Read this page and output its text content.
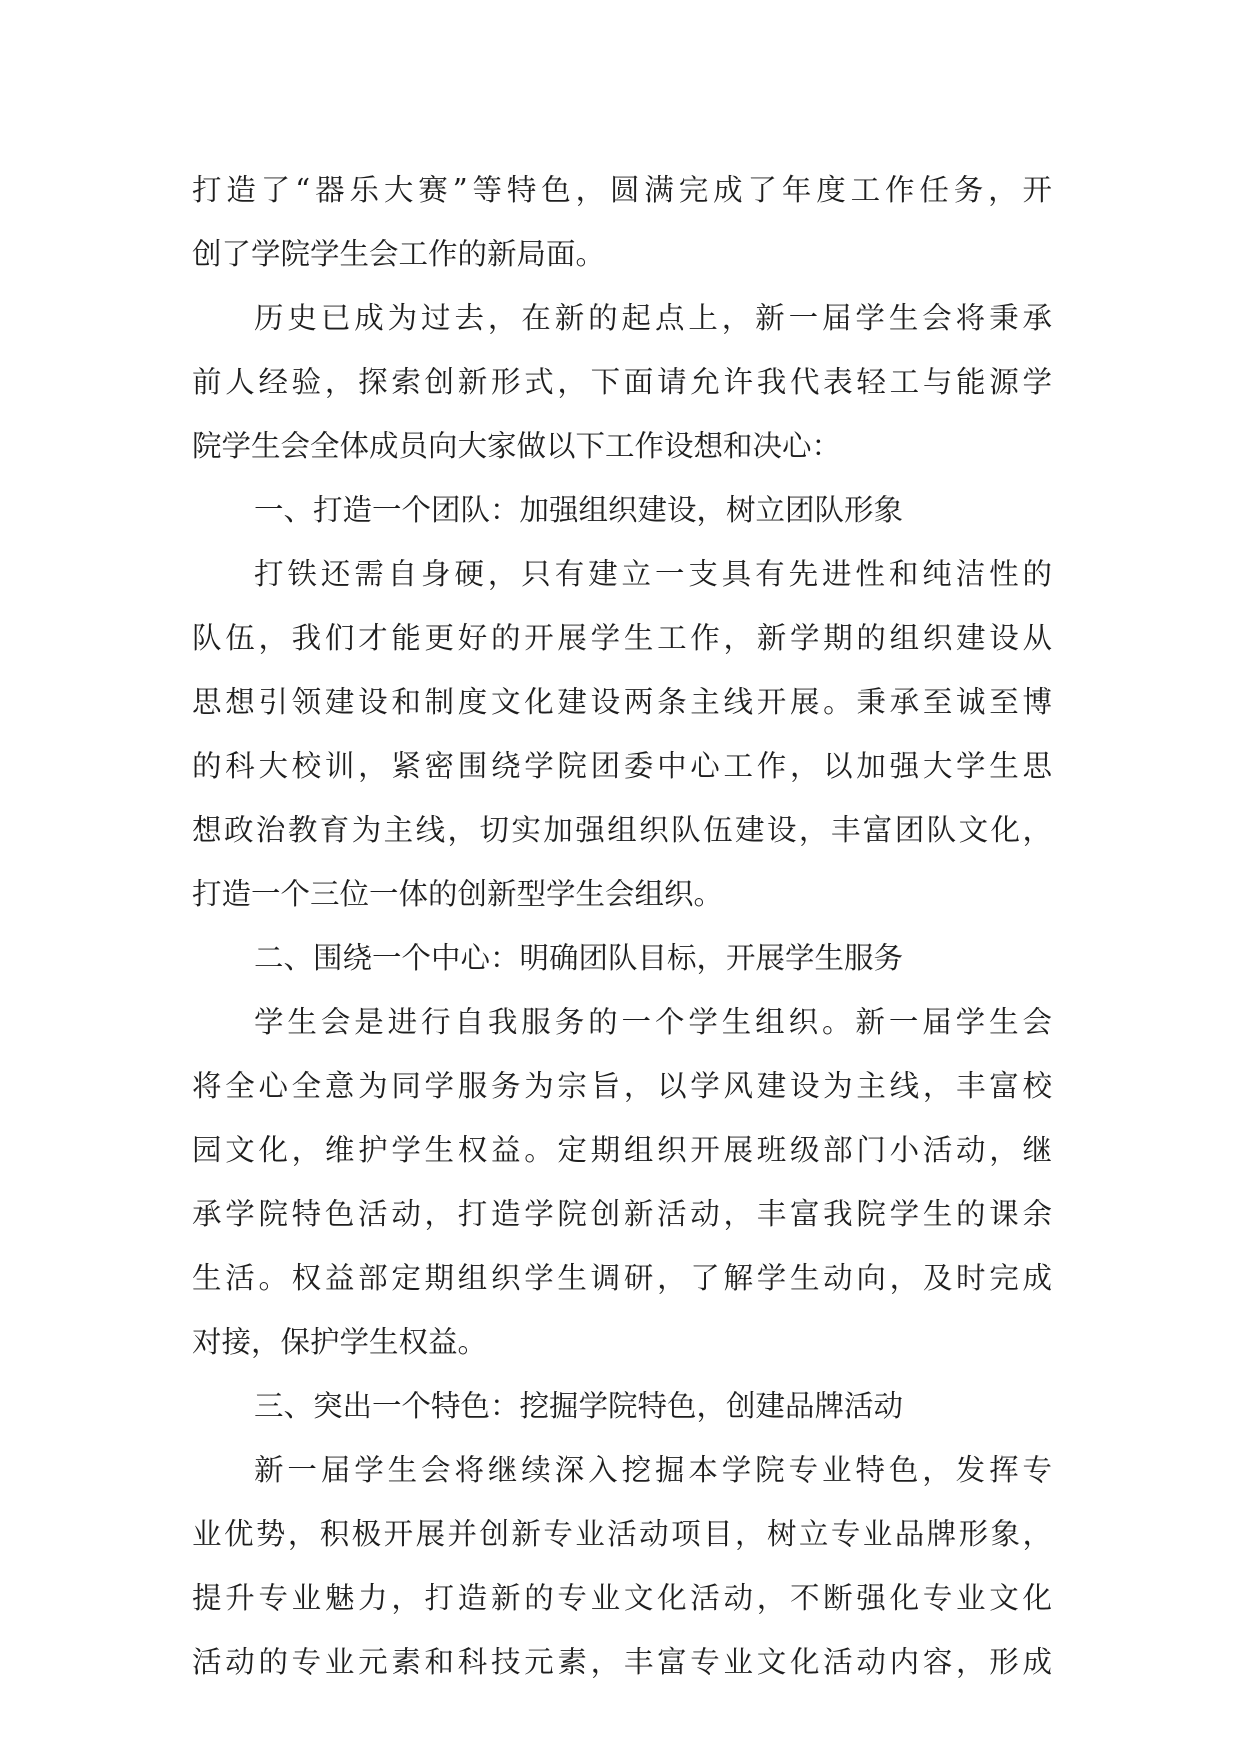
打造了“器乐大赛”等特色，圆满完成了年度工作任务，开
创了学院学生会工作的新局面。
历史已成为过去，在新的起点上，新一届学生会将秉承
前人经验，探索创新形式，下面请允许我代表轻工与能源学
院学生会全体成员向大家做以下工作设想和决心：
一、打造一个团队：加强组织建设，树立团队形象
打铁还需自身硬，只有建立一支具有先进性和纯洁性的
队伍，我们才能更好的开展学生工作，新学期的组织建设从
思想引领建设和制度文化建设两条主线开展。秉承至诚至博
的科大校训，紧密围绕学院团委中心工作，以加强大学生思
想政治教育为主线，切实加强组织队伍建设，丰富团队文化，
打造一个三位一体的创新型学生会组织。
二、围绕一个中心：明确团队目标，开展学生服务
学生会是进行自我服务的一个学生组织。新一届学生会
将全心全意为同学服务为宗旨，以学风建设为主线，丰富校
园文化，维护学生权益。定期组织开展班级部门小活动，继
承学院特色活动，打造学院创新活动，丰富我院学生的课余
生活。权益部定期组织学生调研，了解学生动向，及时完成
对接，保护学生权益。
三、突出一个特色：挖掘学院特色，创建品牌活动
新一届学生会将继续深入挖掘本学院专业特色，发挥专
业优势，积极开展并创新专业活动项目，树立专业品牌形象，
提升专业魅力，打造新的专业文化活动，不断强化专业文化
活动的专业元素和科技元素，丰富专业文化活动内容，形成
